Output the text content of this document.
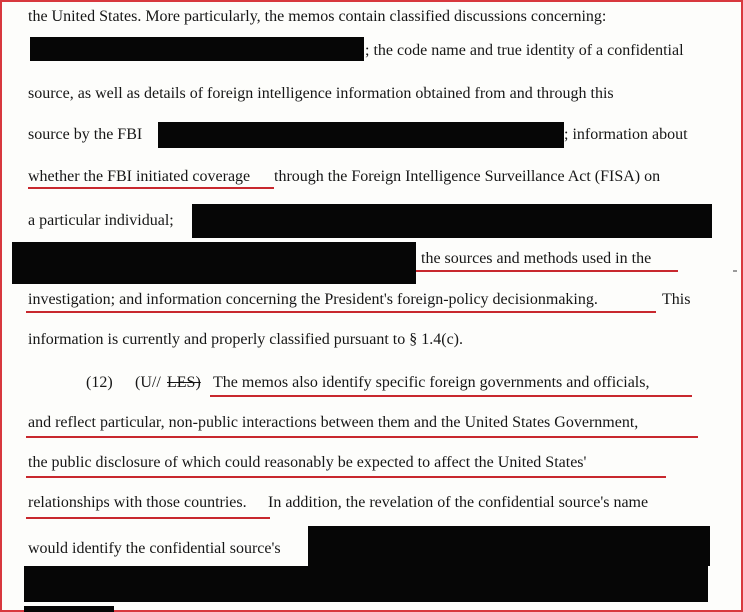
the United States. More particularly, the memos contain classified discussions concerning:
; the code name and true identity of a confidential
source, as well as details of foreign intelligence information obtained from and through this
source by the FBI	; information about
whether the FBI initiated coverage through the Foreign Intelligence Surveillance Act (FISA) on
a particular individual;
the sources and methods used in the
investigation; and information concerning the President's foreign-policy decisionmaking.	This
information is currently and properly classified pursuant to § 1.4(c).
(12) (U// LES) The memos also identify specific foreign governments and officials,
and reflect particular, non-public interactions between them and the United States Government,
the public disclosure of which could reasonably be expected to affect the United States'
relationships with those countries. In addition, the revelation of the confidential source's name
would identify the confidential source's
